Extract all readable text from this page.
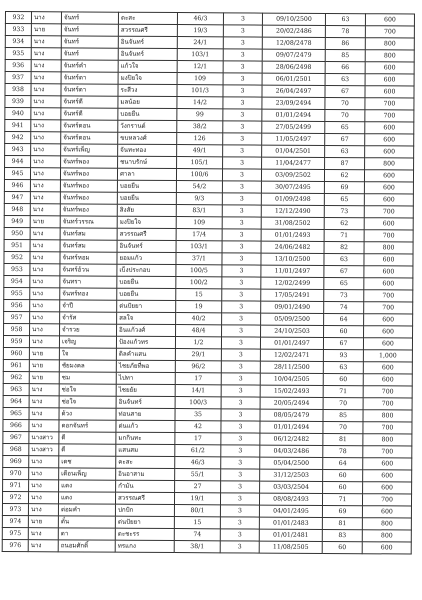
932	นาง	จันทร์	ดะสะ	46/3	3	09/10/2500	63	600
933	นาย	จันทร์	สวรรณศรี	19/3	3	20/02/2486	78	700
934	นาง	จันทร์	อินจันทร์	24/1	3	12/08/2478	86	800
935	นาง	จันทร์	อินจันทร์	103/1	3	09/07/2479	85	800
936	นาง	จันทร์คำ	แก้วใจ	12/1	3	28/06/2498	66	600
937	นาง	จันทร์ตา	มงปิยใจ	109	3	06/01/2501	63	600
938	นาง	จันทร์ดา	ระสีวง	101/3	3	26/04/2497	67	600
939	นาง	จันทร์ดี	มลน้อย	14/2	3	23/09/2494	70	700
940	นาง	จันทร์ดี	บอยยืน	99	3	01/01/2494	70	700
941	นาง	จันทร์ดอน	วังกรานต์	38/2	3	27/05/2499	65	600
942	นาง	จันทร์ดอน	ขบหลวงศ์	126	3	11/05/2497	67	600
943	นาง	จันทร์เพ็ญ	จันทะทอง	49/1	3	01/04/2501	63	600
944	นาง	จันทร์พอง	ชนาบรักษ์	105/1	3	11/04/2477	87	800
945	นาง	จันทร์พอง	ศาลา	100/6	3	03/09/2502	62	600
946	นาง	จันทร์พอง	บอยยืน	54/2	3	30/07/2495	69	600
947	นาง	จันทร์พอง	บอยยืน	9/3	3	01/09/2498	65	600
948	นาง	จันทร์พอง	สิงสัย	83/1	3	12/12/2490	73	700
949	นาย	จันทร์วรรณ	มงปิยใจ	109	3	31/08/2502	62	600
950	นาง	จันทร์สม	สวรรณศรี	17/4	3	01/01/2493	71	700
951	นาง	จันทร์สม	อินจันทร์	103/1	3	24/06/2482	82	800
952	นาง	จันทร์หอม	ยอมแก้ว	37/1	3	13/10/2500	63	600
953	นาง	จันทร์อ้วน	เบ็งประกอบ	100/5	3	11/01/2497	67	600
954	นาง	จันทรา	บอยยืน	100/2	3	12/02/2499	65	600
955	นาง	จันทร์ทอง	บอยยืน	15	3	17/05/2491	73	700
956	นาง	จำปี	ต่นปัยยา	19	3	09/01/2490	74	700
957	นาง	จำรัส	สลใจ	40/2	3	05/09/2500	64	600
958	นาง	จำรวย	อินแก้วงศ์	48/4	3	24/10/2503	60	600
959	นาง	เจริญ	ป้องแก้วทร	1/2	3	01/01/2497	67	600
960	นาย	ใจ	ดิลคำแสน	29/1	3	12/02/2471	93	1,000
961	นาย	ชัยมงคล	ไชยภัยที่พอ	96/2	3	28/11/2500	63	600
962	นาย	ชม	ไปทา	17	3	10/04/2505	60	600
963	นาง	ช่อใจ	ไชยยัย	14/1	3	15/02/2493	71	700
964	นาง	ช่อใจ	อินจันทร์	100/3	3	20/05/2494	70	700
965	นาง	ด้วง	ท่อนสาย	35	3	08/05/2479	85	800
966	นาง	ดอกจันทร์	ต่นแก้ว	42	3	01/01/2494	70	700
967	นางสาว	ดี	มกกินทะ	17	3	06/12/2482	81	800
968	นางสาว	ดี	แสนสม	61/2	3	04/03/2486	78	700
969	นาง	เดช	คะสะ	46/3	3	05/04/2500	64	600
970	นาง	เดือนเพ็ญ	อินอาสาม	55/1	3	31/12/2503	60	600
971	นาง	แดง	กำมัน	27	3	03/03/2504	60	600
972	นาง	แดง	สวรรณศรี	19/1	3	08/08/2493	71	700
973	นาง	ต่อมคำ	ปกปัก	80/1	3	04/01/2495	69	600
974	นาย	ตั๋น	ต่นปัยยา	15	3	01/01/2483	81	800
975	นาง	ตา	ตะชะรร	74	3	01/01/2481	83	800
976	นาง	ถนอมศักดิ์	ทรแกง	38/1	3	11/08/2505	60	600
